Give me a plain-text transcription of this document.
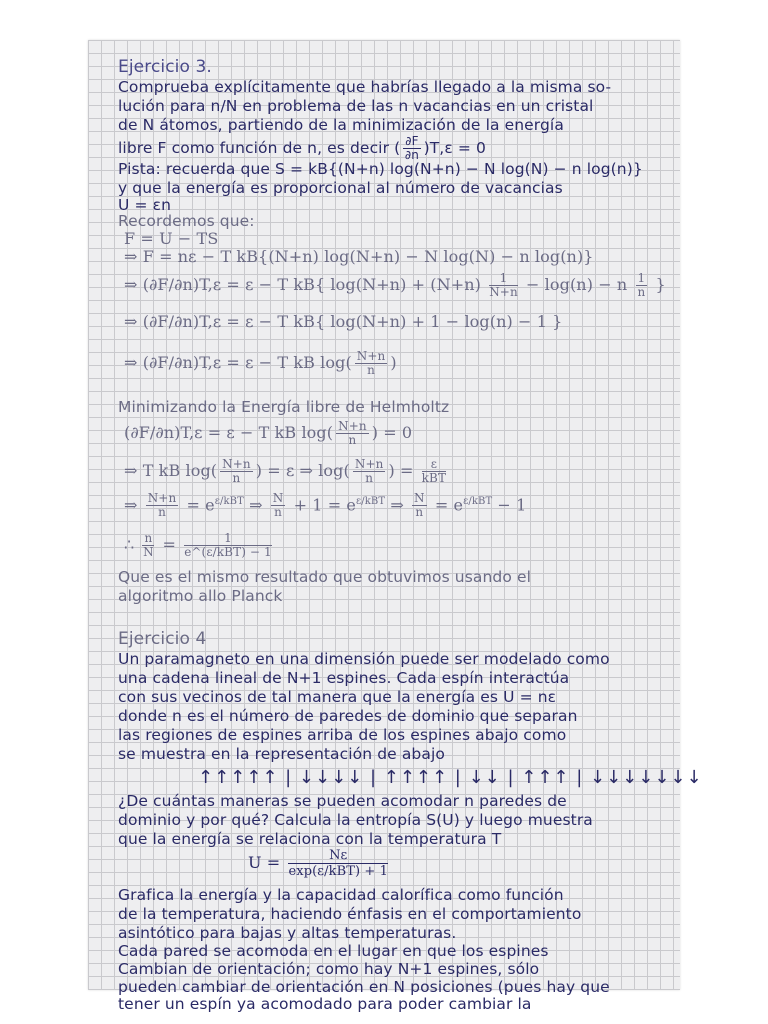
Ejercicio 3.
Comprueba explícitamente que habrías llegado a la misma so-
lución para n/N en problema de las n vacancias en un cristal
de N átomos, partiendo de la minimización de la energía
libre F como función de n, es decir ( $\frac{\partial F}{\partial n} )T,\varepsilon = 0$
Pista: recuerda que S = kB{(N+n) log(N+n) − N log(N) − n log(n)}
y que la energía es proporcional al número de vacancias
U = εn
Recordemos que:
F = U − TS
⇒ F = nε − T kB{(N+n) log(N+n) − N log(N) − n log(n)}
⇒ (∂F/∂n)T,ε = ε − T kB{ $\log(N+n) + (N+n) \frac{1}{N+n} - \log(n) - n \frac{1}{n}$ }
⇒ (∂F/∂n)T,ε = ε − T kB{ log(N+n) + 1 − log(n) − 1 }
⇒ (∂F/∂n)T,ε = ε − T kB $\log( \frac{N+n}{n}$ )
Minimizando la Energía libre de Helmholtz
(∂F/∂n)T,ε = ε − T kB $\log( \frac{N+n}{n}$ ) = 0
⇒ T kB $\log( \frac{N+n}{n}$ ) = ε ⇒ $\log( \frac{N+n}{n}$ ) = $\frac{\varepsilon}{\text{kBT}}$
⇒ $\frac{N+n}{n} = e^{\varepsilon/kBT}$ ⇒ $\frac{N}{n} + 1 = e^{\varepsilon/kBT}$ ⇒ $\frac{N}{n} = e^{\varepsilon/kBT} - 1$
∴ $\frac{n}{N} = \frac{1}{\text{e\textasciicircum{}(ε/kBT) − 1}}$
Que es el mismo resultado que obtuvimos usando el
algoritmo allo Planck
Ejercicio 4
Un paramagneto en una dimensión puede ser modelado como
una cadena lineal de N+1 espines. Cada espín interactúa
con sus vecinos de tal manera que la energía es U = nε
donde n es el número de paredes de dominio que separan
las regiones de espines arriba de los espines abajo como
se muestra en la representación de abajo
↑↑↑↑↑ | ↓↓↓↓ | ↑↑↑↑ | ↓↓ | ↑↑↑ | ↓↓↓↓↓↓↓
¿De cuántas maneras se pueden acomodar n paredes de
dominio y por qué? Calcula la entropía S(U) y luego muestra
que la energía se relaciona con la temperatura T
$U = \frac{N\varepsilon}{\text{exp(ε/kBT) + 1}}$
Grafica la energía y la capacidad calorífica como función
de la temperatura, haciendo énfasis en el comportamiento
asintótico para bajas y altas temperaturas.
Cada pared se acomoda en el lugar en que los espines
Cambian de orientación; como hay N+1 espines, sólo
pueden cambiar de orientación en N posiciones (pues hay que
tener un espín ya acomodado para poder cambiar la
